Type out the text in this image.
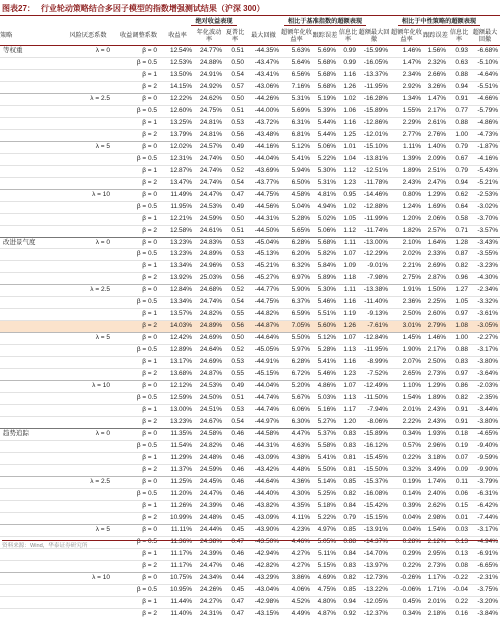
图表27： 行业轮动策略结合多因子模型的指数增强测试结果（沪深 300）
绝对收益表现	相比于基准指数的超额表现	相比于中性策略的超额表现
策略	风险厌恶系数	收益调整系数	收益率	年化波动率	夏普比率	最大回撤	超额年化收益率	跟踪误差	信息比率	超额最大回撤	超额年化收益率	跟踪误差	信息比率	超额最大回撤
等权重	λ = 0	β = 0	12.54%	24.77%	0.51	-44.35%	5.63%	5.69%	0.99	-15.99%	1.46%	1.56%	0.93	-6.68%
		β = 0.5	12.53%	24.88%	0.50	-43.47%	5.64%	5.68%	0.99	-16.05%	1.47%	2.32%	0.63	-5.10%
		β = 1	13.50%	24.91%	0.54	-43.41%	6.56%	5.68%	1.16	-13.37%	2.34%	2.66%	0.88	-4.64%
		β = 2	14.15%	24.92%	0.57	-43.06%	7.16%	5.68%	1.26	-11.95%	2.92%	3.26%	0.94	-5.51%
	λ = 2.5	β = 0	12.22%	24.62%	0.50	-44.26%	5.31%	5.19%	1.02	-16.28%	1.34%	1.47%	0.91	-4.66%
		β = 0.5	12.60%	24.75%	0.51	-44.00%	5.69%	5.39%	1.06	-15.89%	1.55%	2.17%	0.77	-5.79%
		β = 1	13.25%	24.81%	0.53	-43.72%	6.31%	5.44%	1.16	-12.86%	2.29%	2.61%	0.88	-4.86%
		β = 2	13.79%	24.81%	0.56	-43.48%	6.81%	5.44%	1.25	-12.01%	2.77%	2.76%	1.00	-4.73%
	λ = 5	β = 0	12.02%	24.57%	0.49	-44.16%	5.12%	5.06%	1.01	-15.10%	1.11%	1.40%	0.79	-1.87%
		β = 0.5	12.31%	24.74%	0.50	-44.04%	5.41%	5.22%	1.04	-13.81%	1.39%	2.09%	0.67	-4.16%
		β = 1	12.87%	24.74%	0.52	-43.69%	5.94%	5.30%	1.12	-12.51%	1.89%	2.51%	0.79	-5.43%
		β = 2	13.47%	24.74%	0.54	-43.77%	6.50%	5.31%	1.23	-11.78%	2.43%	2.47%	0.94	-5.21%
	λ = 10	β = 0	11.49%	24.47%	0.47	-44.75%	4.58%	4.81%	0.95	-14.46%	0.80%	1.29%	0.62	-2.53%
		β = 0.5	11.95%	24.53%	0.49	-44.56%	5.04%	4.94%	1.02	-12.88%	1.24%	1.69%	0.64	-3.02%
		β = 1	12.21%	24.59%	0.50	-44.31%	5.28%	5.02%	1.05	-11.99%	1.20%	2.06%	0.58	-3.70%
		β = 2	12.58%	24.61%	0.51	-44.50%	5.65%	5.06%	1.12	-11.74%	1.82%	2.57%	0.71	-3.57%
改进景气度	λ = 0	β = 0	13.23%	24.83%	0.53	-45.04%	6.28%	5.68%	1.11	-13.00%	2.10%	1.64%	1.28	-3.43%
		β = 0.5	13.23%	24.89%	0.53	-45.13%	6.20%	5.82%	1.07	-12.29%	2.02%	2.33%	0.87	-3.55%
		β = 1	13.34%	24.96%	0.53	-45.21%	6.32%	5.84%	1.09	-9.01%	2.21%	2.69%	0.82	-3.23%
		β = 2	13.92%	25.03%	0.56	-45.27%	6.97%	5.89%	1.18	-7.98%	2.75%	2.87%	0.96	-4.30%
	λ = 2.5	β = 0	12.84%	24.68%	0.52	-44.77%	5.90%	5.30%	1.11	-13.38%	1.91%	1.50%	1.27	-2.34%
		β = 0.5	13.34%	24.74%	0.54	-44.75%	6.37%	5.46%	1.16	-11.40%	2.36%	2.25%	1.05	-3.32%
		β = 1	13.57%	24.82%	0.55	-44.82%	6.59%	5.51%	1.19	-9.13%	2.50%	2.60%	0.97	-3.61%
		β = 2	14.03%	24.89%	0.56	-44.87%	7.05%	5.60%	1.26	-7.61%	3.01%	2.79%	1.08	-3.05%
	λ = 5	β = 0	12.42%	24.69%	0.50	-44.64%	5.50%	5.12%	1.07	-12.84%	1.45%	1.46%	1.00	-2.27%
		β = 0.5	12.89%	24.64%	0.52	-45.05%	5.97%	5.28%	1.13	-11.95%	1.90%	2.17%	0.88	-3.17%
		β = 1	13.17%	24.69%	0.53	-44.91%	6.28%	5.41%	1.16	-8.99%	2.07%	2.50%	0.83	-3.80%
		β = 2	13.68%	24.87%	0.55	-45.15%	6.72%	5.46%	1.23	-7.52%	2.65%	2.73%	0.97	-3.64%
	λ = 10	β = 0	12.12%	24.53%	0.49	-44.04%	5.20%	4.86%	1.07	-12.49%	1.10%	1.29%	0.86	-2.03%
		β = 0.5	12.59%	24.50%	0.51	-44.74%	5.67%	5.03%	1.13	-11.50%	1.54%	1.89%	0.82	-2.35%
		β = 1	13.00%	24.51%	0.53	-44.74%	6.06%	5.16%	1.17	-7.94%	2.01%	2.43%	0.91	-3.44%
		β = 2	13.23%	24.67%	0.54	-44.97%	6.30%	5.27%	1.20	-8.06%	2.22%	2.43%	0.91	-3.80%
趋势追踪	λ = 0	β = 0	11.35%	24.58%	0.46	-44.58%	4.47%	5.37%	0.83	-15.89%	0.34%	1.93%	0.18	-4.65%
		β = 0.5	11.54%	24.82%	0.46	-44.31%	4.63%	5.58%	0.83	-16.12%	0.57%	2.96%	0.19	-9.40%
		β = 1	11.29%	24.48%	0.46	-43.09%	4.38%	5.41%	0.81	-15.45%	0.22%	3.18%	0.07	-9.59%
		β = 2	11.37%	24.59%	0.46	-43.42%	4.48%	5.50%	0.81	-15.50%	0.32%	3.49%	0.09	-9.90%
	λ = 2.5	β = 0	11.25%	24.45%	0.46	-44.64%	4.36%	5.14%	0.85	-15.37%	0.19%	1.74%	0.11	-3.79%
		β = 0.5	11.20%	24.47%	0.46	-44.40%	4.30%	5.25%	0.82	-16.08%	0.14%	2.40%	0.06	-6.31%
		β = 1	11.26%	24.39%	0.46	-43.82%	4.35%	5.18%	0.84	-15.42%	0.39%	2.62%	0.15	-6.42%
		β = 2	10.99%	24.48%	0.45	-43.09%	4.11%	5.22%	0.79	-15.15%	0.04%	2.98%	0.01	-7.44%
	λ = 5	β = 0	11.11%	24.44%	0.45	-43.90%	4.23%	4.97%	0.85	-13.91%	0.04%	1.54%	0.03	-3.17%
		β = 0.5	11.36%	24.38%	0.47	-43.50%	4.46%	5.05%	0.88	-14.37%	0.28%	2.12%	0.13	-4.94%
		β = 1	11.17%	24.39%	0.46	-42.94%	4.27%	5.11%	0.84	-14.70%	0.29%	2.95%	0.13	-6.91%
		β = 2	11.17%	24.47%	0.46	-42.82%	4.27%	5.15%	0.83	-13.97%	0.22%	2.73%	0.08	-6.65%
	λ = 10	β = 0	10.75%	24.34%	0.44	-43.29%	3.86%	4.69%	0.82	-12.73%	-0.26%	1.17%	-0.22	-2.31%
		β = 0.5	10.95%	24.26%	0.45	-43.04%	4.06%	4.75%	0.85	-13.22%	-0.06%	1.71%	-0.04	-3.75%
		β = 1	11.44%	24.27%	0.47	-42.98%	4.52%	4.80%	0.94	-12.05%	0.45%	2.01%	0.22	-3.20%
		β = 2	11.40%	24.31%	0.47	-43.15%	4.49%	4.87%	0.92	-12.37%	0.34%	2.18%	0.16	-3.84%
资料来源：Wind，华泰证券研究所
